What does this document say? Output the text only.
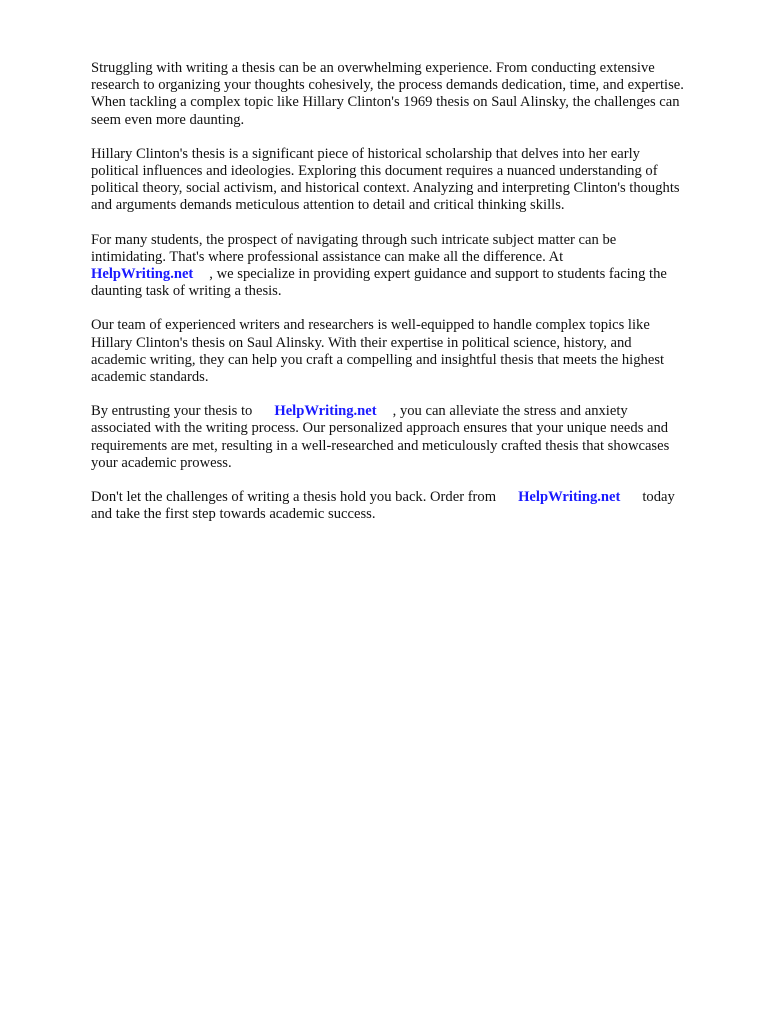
Struggling with writing a thesis can be an overwhelming experience. From conducting extensive
research to organizing your thoughts cohesively, the process demands dedication, time, and expertise.
When tackling a complex topic like Hillary Clinton's 1969 thesis on Saul Alinsky, the challenges can
seem even more daunting.

Hillary Clinton's thesis is a significant piece of historical scholarship that delves into her early
political influences and ideologies. Exploring this document requires a nuanced understanding of
political theory, social activism, and historical context. Analyzing and interpreting Clinton's thoughts
and arguments demands meticulous attention to detail and critical thinking skills.

For many students, the prospect of navigating through such intricate subject matter can be
intimidating. That's where professional assistance can make all the difference. At
HelpWriting.net , we specialize in providing expert guidance and support to students facing the
daunting task of writing a thesis.

Our team of experienced writers and researchers is well-equipped to handle complex topics like
Hillary Clinton's thesis on Saul Alinsky. With their expertise in political science, history, and
academic writing, they can help you craft a compelling and insightful thesis that meets the highest
academic standards.

By entrusting your thesis to HelpWriting.net , you can alleviate the stress and anxiety
associated with the writing process. Our personalized approach ensures that your unique needs and
requirements are met, resulting in a well-researched and meticulously crafted thesis that showcases
your academic prowess.

Don't let the challenges of writing a thesis hold you back. Order from HelpWriting.net today
and take the first step towards academic success.
